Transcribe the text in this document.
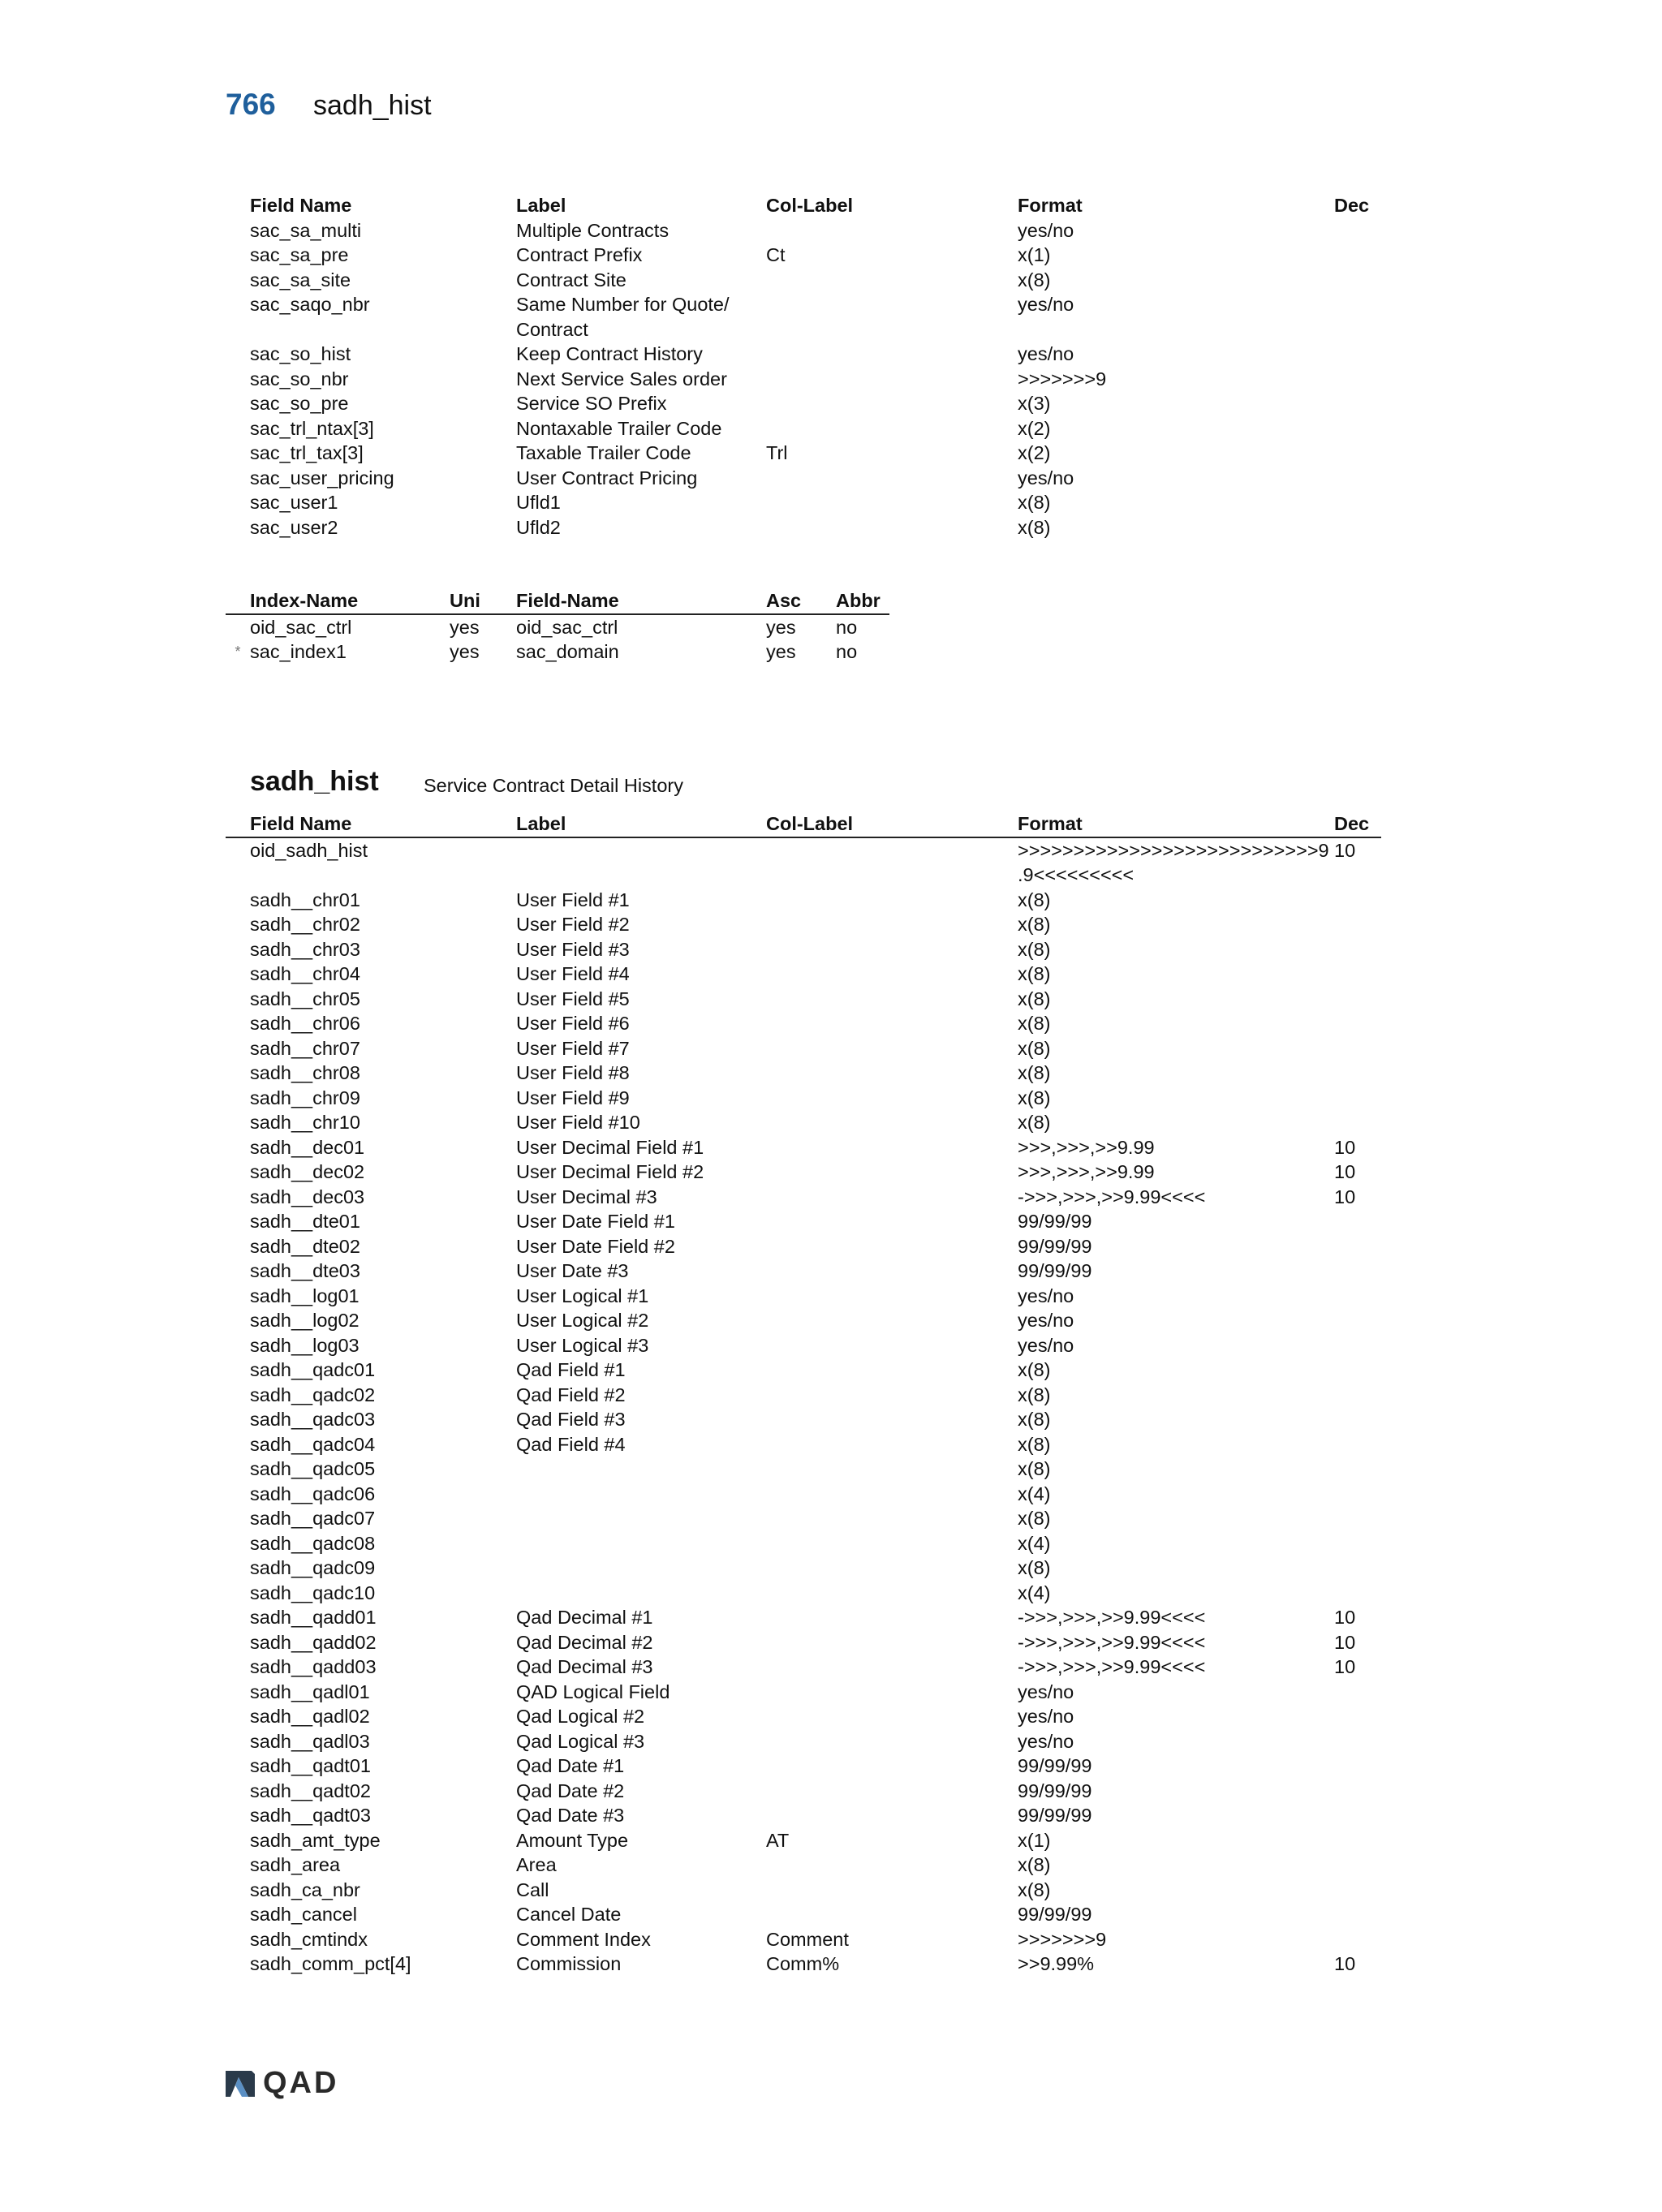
766 sadh_hist
	Field Name	Label	Col-Label	Format	Dec
	sac_sa_multi	Multiple Contracts		yes/no	
	sac_sa_pre	Contract Prefix	Ct	x(1)	
	sac_sa_site	Contract Site		x(8)	
	sac_saqo_nbr	Same Number for Quote/ Contract		yes/no	
	sac_so_hist	Keep Contract History		yes/no	
	sac_so_nbr	Next Service Sales order		>>>>>>>9	
	sac_so_pre	Service SO Prefix		x(3)	
	sac_trl_ntax[3]	Nontaxable Trailer Code		x(2)	
	sac_trl_tax[3]	Taxable Trailer Code	Trl	x(2)	
	sac_user_pricing	User Contract Pricing		yes/no	
	sac_user1	Ufld1		x(8)	
	sac_user2	Ufld2		x(8)	
	Index-Name	Uni	Field-Name	Asc	Abbr
	oid_sac_ctrl	yes	oid_sac_ctrl	yes	no
*	sac_index1	yes	sac_domain	yes	no
sadh_hist Service Contract Detail History
	Field Name	Label	Col-Label	Format	Dec
	oid_sadh_hist			>>>>>>>>>>>>>>>>>>>>>>>>>>>9 .9<<<<<<<<<	10
	sadh__chr01	User Field #1		x(8)	
	sadh__chr02	User Field #2		x(8)	
	sadh__chr03	User Field #3		x(8)	
	sadh__chr04	User Field #4		x(8)	
	sadh__chr05	User Field #5		x(8)	
	sadh__chr06	User Field #6		x(8)	
	sadh__chr07	User Field #7		x(8)	
	sadh__chr08	User Field #8		x(8)	
	sadh__chr09	User Field #9		x(8)	
	sadh__chr10	User Field #10		x(8)	
	sadh__dec01	User Decimal Field #1		>>>,>>>,>>9.99	10
	sadh__dec02	User Decimal Field #2		>>>,>>>,>>9.99	10
	sadh__dec03	User Decimal #3		->>>,>>>,>>9.99<<<<	10
	sadh__dte01	User Date Field #1		99/99/99	
	sadh__dte02	User Date Field #2		99/99/99	
	sadh__dte03	User Date #3		99/99/99	
	sadh__log01	User Logical #1		yes/no	
	sadh__log02	User Logical #2		yes/no	
	sadh__log03	User Logical #3		yes/no	
	sadh__qadc01	Qad Field #1		x(8)	
	sadh__qadc02	Qad Field #2		x(8)	
	sadh__qadc03	Qad Field #3		x(8)	
	sadh__qadc04	Qad Field #4		x(8)	
	sadh__qadc05			x(8)	
	sadh__qadc06			x(4)	
	sadh__qadc07			x(8)	
	sadh__qadc08			x(4)	
	sadh__qadc09			x(8)	
	sadh__qadc10			x(4)	
	sadh__qadd01	Qad Decimal #1		->>>,>>>,>>9.99<<<<	10
	sadh__qadd02	Qad Decimal #2		->>>,>>>,>>9.99<<<<	10
	sadh__qadd03	Qad Decimal #3		->>>,>>>,>>9.99<<<<	10
	sadh__qadl01	QAD Logical Field		yes/no	
	sadh__qadl02	Qad Logical #2		yes/no	
	sadh__qadl03	Qad Logical #3		yes/no	
	sadh__qadt01	Qad Date #1		99/99/99	
	sadh__qadt02	Qad Date #2		99/99/99	
	sadh__qadt03	Qad Date #3		99/99/99	
	sadh_amt_type	Amount Type	AT	x(1)	
	sadh_area	Area		x(8)	
	sadh_ca_nbr	Call		x(8)	
	sadh_cancel	Cancel Date		99/99/99	
	sadh_cmtindx	Comment Index	Comment	>>>>>>>9	
	sadh_comm_pct[4]	Commission	Comm%	>>9.99%	10
QAD
